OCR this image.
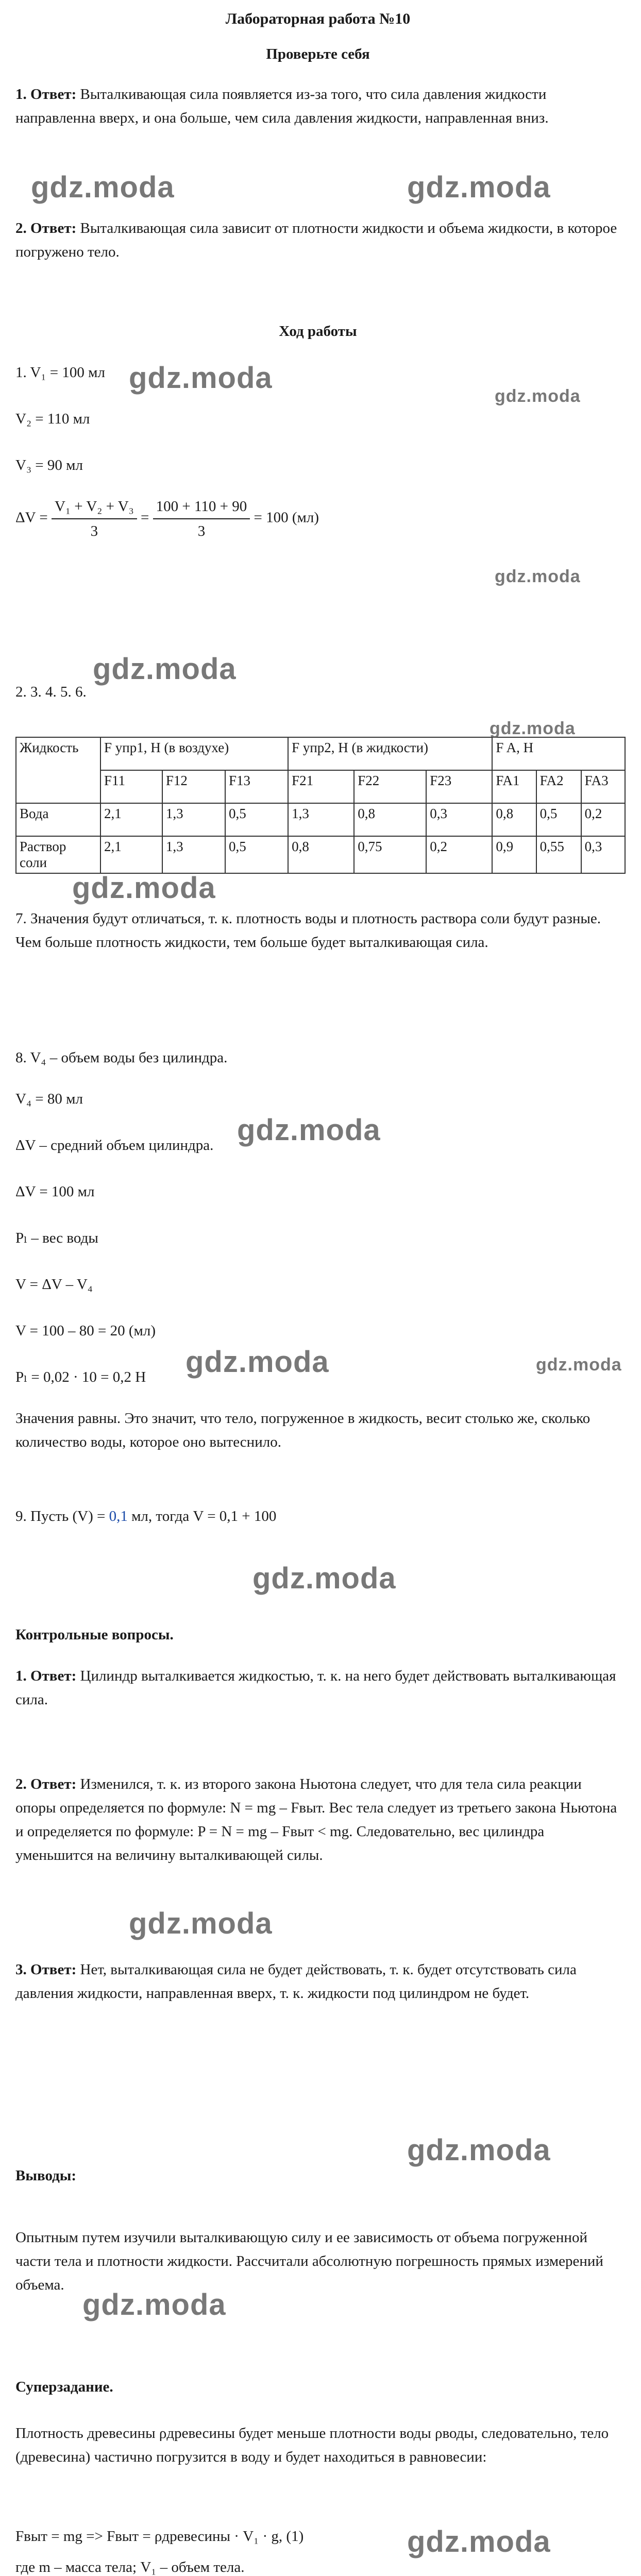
Лабораторная работа №10
Проверьте себя
1. Ответ: Выталкивающая сила появляется из-за того, что сила давления жидкости направленна вверх, и она больше, чем сила давления жидкости, направленная вниз.
2. Ответ: Выталкивающая сила зависит от плотности жидкости и объема жидкости, в которое погружено тело.
Ход работы
1. V₁ = 100 мл
V₂ = 110 мл
V₃ = 90 мл
$\Delta V = \frac{\text{V₁ + V₂ + V₃}}{3} = \frac{100 + 110 + 90}{3} = 100$ (мл)
2. 3. 4. 5. 6.
Жидкость	F упр1, Н (в воздухе)			F упр2, Н (в жидкости)			F A, Н		
	F11	F12	F13	F21	F22	F23	FA1	FA2	FA3
Вода	2,1	1,3	0,5	1,3	0,8	0,3	0,8	0,5	0,2
Раствор соли	2,1	1,3	0,5	0,8	0,75	0,2	0,9	0,55	0,3
7. Значения будут отличаться, т. к. плотность воды и плотность раствора соли будут разные. Чем больше плотность жидкости, тем больше будет выталкивающая сила.
8. V₄ – объем воды без цилиндра.
V₄ = 80 мл
ΔV – средний объем цилиндра.
ΔV = 100 мл
Pₗ – вес воды
V = ΔV – V₄
V = 100 – 80 = 20 (мл)
Pₗ = 0,02 · 10 = 0,2 Н
Значения равны. Это значит, что тело, погруженное в жидкость, весит столько же, сколько количество воды, которое оно вытеснило.
9. Пусть (V) = 0,1 мл, тогда V = 0,1 + 100
Контрольные вопросы.
1. Ответ: Цилиндр выталкивается жидкостью, т. к. на него будет действовать выталкивающая сила.
2. Ответ: Изменился, т. к. из второго закона Ньютона следует, что для тела сила реакции опоры определяется по формуле: N = mg – Fвыт. Вес тела следует из третьего закона Ньютона и определяется по формуле: P = N = mg – Fвыт < mg. Следовательно, вес цилиндра уменьшится на величину выталкивающей силы.
3. Ответ: Нет, выталкивающая сила не будет действовать, т. к. будет отсутствовать сила давления жидкости, направленная вверх, т. к. жидкости под цилиндром не будет.
Выводы:
Опытным путем изучили выталкивающую силу и ее зависимость от объема погруженной части тела и плотности жидкости. Рассчитали абсолютную погрешность прямых измерений объема.
Суперзадание.
Плотность древесины ρдревесины будет меньше плотности воды ρводы, следовательно, тело (древесина) частично погрузится в воду и будет находиться в равновесии:
Fвыт = mg => Fвыт = ρдревесины · V₁ · g, (1)
где m – масса тела; V₁ – объем тела.
gdz.moda	gdz.moda
gdz.moda
gdz.moda
gdz.moda
gdz.moda
gdz.moda
gdz.moda
gdz.moda
gdz.moda
gdz.moda
gdz.moda
gdz.moda
gdz.moda
gdz.moda
gdz.moda
